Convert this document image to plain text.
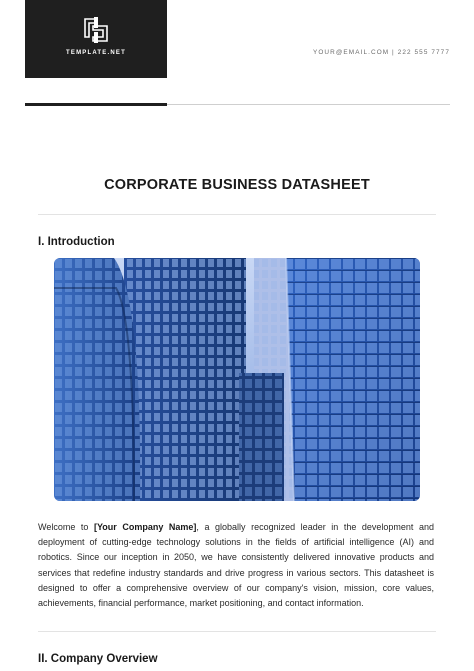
TEMPLATE.NET	YOUR@EMAIL.COM | 222 555 7777
CORPORATE BUSINESS DATASHEET
I. Introduction
Welcome to [Your Company Name], a globally recognized leader in the development and deployment of cutting-edge technology solutions in the fields of artificial intelligence (AI) and robotics. Since our inception in 2050, we have consistently delivered innovative products and services that redefine industry standards and drive progress in various sectors. This datasheet is designed to offer a comprehensive overview of our company's vision, mission, core values, achievements, financial performance, market positioning, and contact information.
II. Company Overview
